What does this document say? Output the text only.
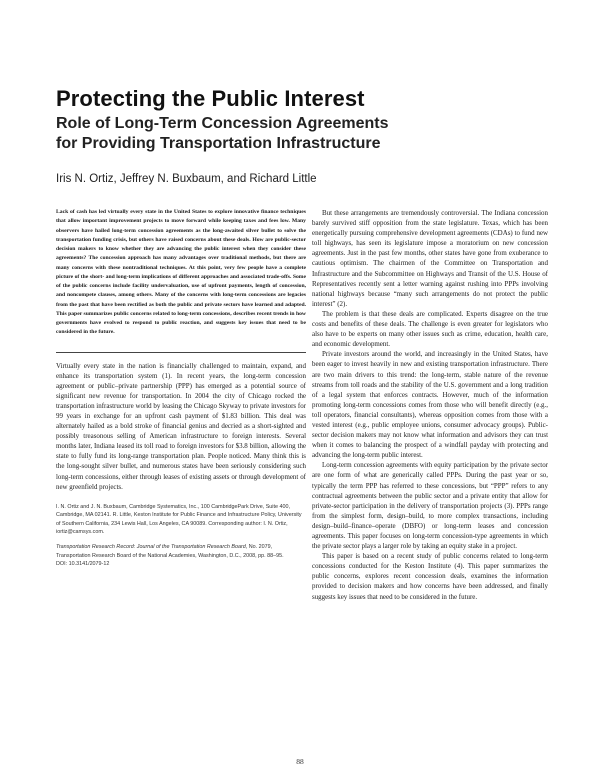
Protecting the Public Interest
Role of Long-Term Concession Agreements
for Providing Transportation Infrastructure

Iris N. Ortiz, Jeffrey N. Buxbaum, and Richard Little

Lack of cash has led virtually every state in the United States to explore innovative finance techniques that allow important improvement projects to move forward while keeping taxes and fees low. Many observers have hailed long-term concession agreements as the long-awaited silver bullet to solve the transportation funding crisis, but others have raised concerns about these deals. How are public-sector decision makers to know whether they are advancing the public interest when they consider these agreements? The concession approach has many advantages over traditional methods, but there are many concerns with these nontraditional techniques. At this point, very few people have a complete picture of the short- and long-term implications of different approaches and associated trade-offs. Some of the public concerns include facility undervaluation, use of upfront payments, length of concession, and noncompete clauses, among others. Many of the concerns with long-term concessions are legacies from the past that have been rectified as both the public and private sectors have learned and adapted. This paper summarizes public concerns related to long-term concessions, describes recent trends in how governments have evolved to respond to public reaction, and suggests key issues that need to be considered in the future.

Virtually every state in the nation is financially challenged to maintain, expand, and enhance its transportation system (1). In recent years, the long-term concession agreement or public–private partnership (PPP) has emerged as a potential source of significant new revenue for transportation. In 2004 the city of Chicago rocked the transportation infrastructure world by leasing the Chicago Skyway to private investors for 99 years in exchange for an upfront cash payment of $1.83 billion. This deal was alternately hailed as a bold stroke of financial genius and decried as a short-sighted and possibly treasonous selling of American infrastructure to foreign interests. Several months later, Indiana leased its toll road to foreign investors for $3.8 billion, allowing the state to fully fund its long-range transportation plan. People noticed. Many think this is the long-sought silver bullet, and numerous states have been seriously considering such long-term concessions, either through leases of existing assets or through development of new greenfield projects.

I. N. Ortiz and J. N. Buxbaum, Cambridge Systematics, Inc., 100 CambridgePark Drive, Suite 400, Cambridge, MA 02141. R. Little, Keston Institute for Public Finance and Infrastructure Policy, University of Southern California, 234 Lewis Hall, Los Angeles, CA 90089. Corresponding author: I. N. Ortiz, iortiz@camsys.com.

Transportation Research Record: Journal of the Transportation Research Board, No. 2079, Transportation Research Board of the National Academies, Washington, D.C., 2008, pp. 88–95.
DOI: 10.3141/2079-12

But these arrangements are tremendously controversial. The Indiana concession barely survived stiff opposition from the state legislature. Texas, which has been energetically pursuing comprehensive development agreements (CDAs) to fund new toll highways, has seen its legislature impose a moratorium on new concession agreements. Just in the past few months, other states have gone from exuberance to cautious optimism. The chairmen of the Committee on Transportation and Infrastructure and the Subcommittee on Highways and Transit of the U.S. House of Representatives recently sent a letter warning against rushing into PPPs involving national highways because “many such arrangements do not protect the public interest” (2).

The problem is that these deals are complicated. Experts disagree on the true costs and benefits of these deals. The challenge is even greater for legislators who also have to be experts on many other issues such as crime, education, health care, and economic development.

Private investors around the world, and increasingly in the United States, have been eager to invest heavily in new and existing transportation infrastructure. There are two main drivers to this trend: the long-term, stable nature of the revenue streams from toll roads and the stability of the U.S. government and a long tradition of a legal system that enforces contracts. However, much of the information promoting long-term concessions comes from those who will benefit directly (e.g., toll operators, financial consultants), whereas opposition comes from those with a vested interest (e.g., public employee unions, consumer advocacy groups). Public-sector decision makers may not know what information and advisors they can trust when it comes to balancing the prospect of a windfall payday with protecting and advancing the long-term public interest.

Long-term concession agreements with equity participation by the private sector are one form of what are generically called PPPs. During the past year or so, typically the term PPP has referred to these concessions, but “PPP” refers to any contractual agreements between the public sector and a private entity that allow for private-sector participation in the delivery of transportation projects (3). PPPs range from the simplest form, design–build, to more complex transactions, including design–build–finance–operate (DBFO) or long-term leases and concession agreements. This paper focuses on long-term concession-type agreements in which the private sector plays a larger role by taking an equity stake in a project.

This paper is based on a recent study of public concerns related to long-term concessions conducted for the Keston Institute (4). This paper summarizes the public concerns, explores recent concession deals, examines the information provided to decision makers and how concerns have been addressed, and finally suggests key issues that need to be considered in the future.

88
